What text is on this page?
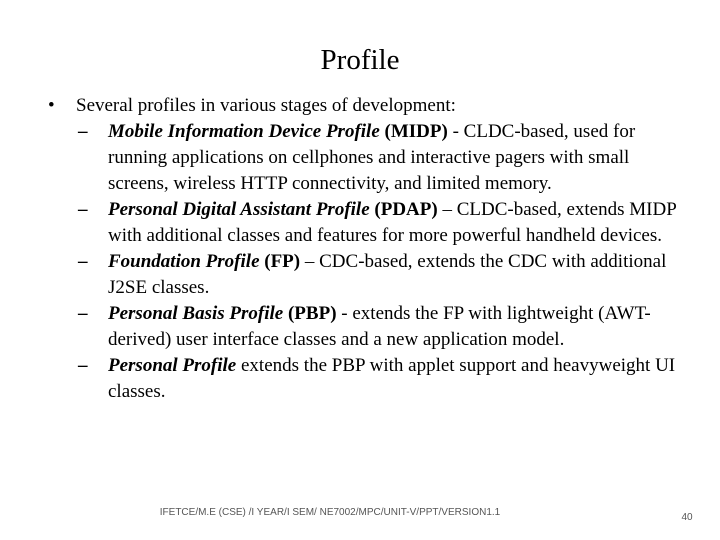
Profile
• Several profiles in various stages of development:
– Mobile Information Device Profile (MIDP) - CLDC-based, used for running applications on cellphones and interactive pagers with small screens, wireless HTTP connectivity, and limited memory.
– Personal Digital Assistant Profile (PDAP) – CLDC-based, extends MIDP with additional classes and features for more powerful handheld devices.
– Foundation Profile (FP) – CDC-based, extends the CDC with additional J2SE classes.
– Personal Basis Profile (PBP) - extends the FP with lightweight (AWT-derived) user interface classes and a new application model.
– Personal Profile extends the PBP with applet support and heavyweight UI classes.
IFETCE/M.E (CSE) /I YEAR/I SEM/ NE7002/MPC/UNIT-V/PPT/VERSION1.1	40
